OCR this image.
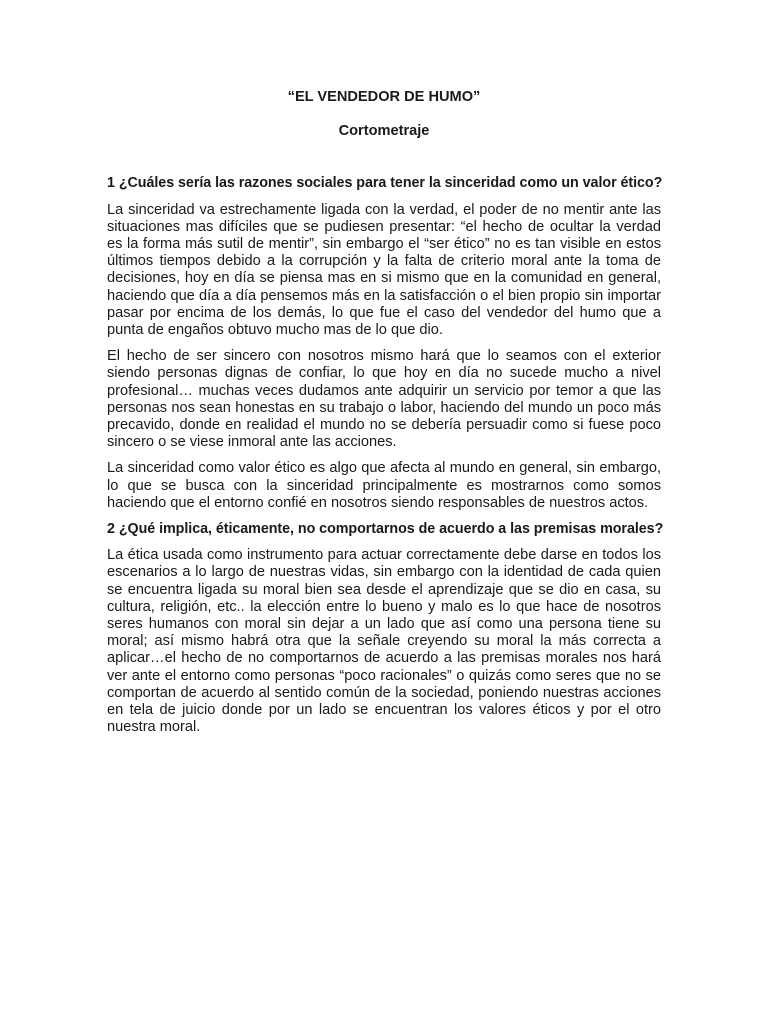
“EL VENDEDOR DE HUMO”

Cortometraje

1 ¿Cuáles sería las razones sociales para tener la sinceridad como un valor ético?

La sinceridad va estrechamente ligada con la verdad, el poder de no mentir ante las situaciones mas difíciles que se pudiesen presentar: “el hecho de ocultar la verdad es la forma más sutil de mentir”, sin embargo el “ser ético” no es tan visible en estos últimos tiempos debido a la corrupción y la falta de criterio moral ante la toma de decisiones, hoy en día se piensa mas en si mismo que en la comunidad en general, haciendo que día a día pensemos más en la satisfacción o el bien propio sin importar pasar por encima de los demás, lo que fue el caso del vendedor del humo que a punta de engaños obtuvo mucho mas de lo que dio.

El hecho de ser sincero con nosotros mismo hará que lo seamos con el exterior siendo personas dignas de confiar, lo que hoy en día no sucede mucho a nivel profesional… muchas veces dudamos ante adquirir un servicio por temor a que las personas nos sean honestas en su trabajo o labor, haciendo del mundo un poco más precavido, donde en realidad el mundo no se debería persuadir como si fuese poco sincero o se viese inmoral ante las acciones.

La sinceridad como valor ético es algo que afecta al mundo en general, sin embargo, lo que se busca con la sinceridad principalmente es mostrarnos como somos haciendo que el entorno confié en nosotros siendo responsables de nuestros actos.

2 ¿Qué implica, éticamente, no comportarnos de acuerdo a las premisas morales?

La ética usada como instrumento para actuar correctamente debe darse en todos los escenarios a lo largo de nuestras vidas, sin embargo con la identidad de cada quien se encuentra ligada su moral bien sea desde el aprendizaje que se dio en casa, su cultura, religión, etc.. la elección entre lo bueno y malo es lo que hace de nosotros seres humanos con moral sin dejar a un lado que así como una persona tiene su moral; así mismo habrá otra que la señale creyendo su moral la más correcta a aplicar…el hecho de no comportarnos de acuerdo a las premisas morales nos hará ver ante el entorno como personas “poco racionales” o quizás como seres que no se comportan de acuerdo al sentido común de la sociedad, poniendo nuestras acciones en tela de juicio donde por un lado se encuentran los valores éticos y por el otro nuestra moral.
